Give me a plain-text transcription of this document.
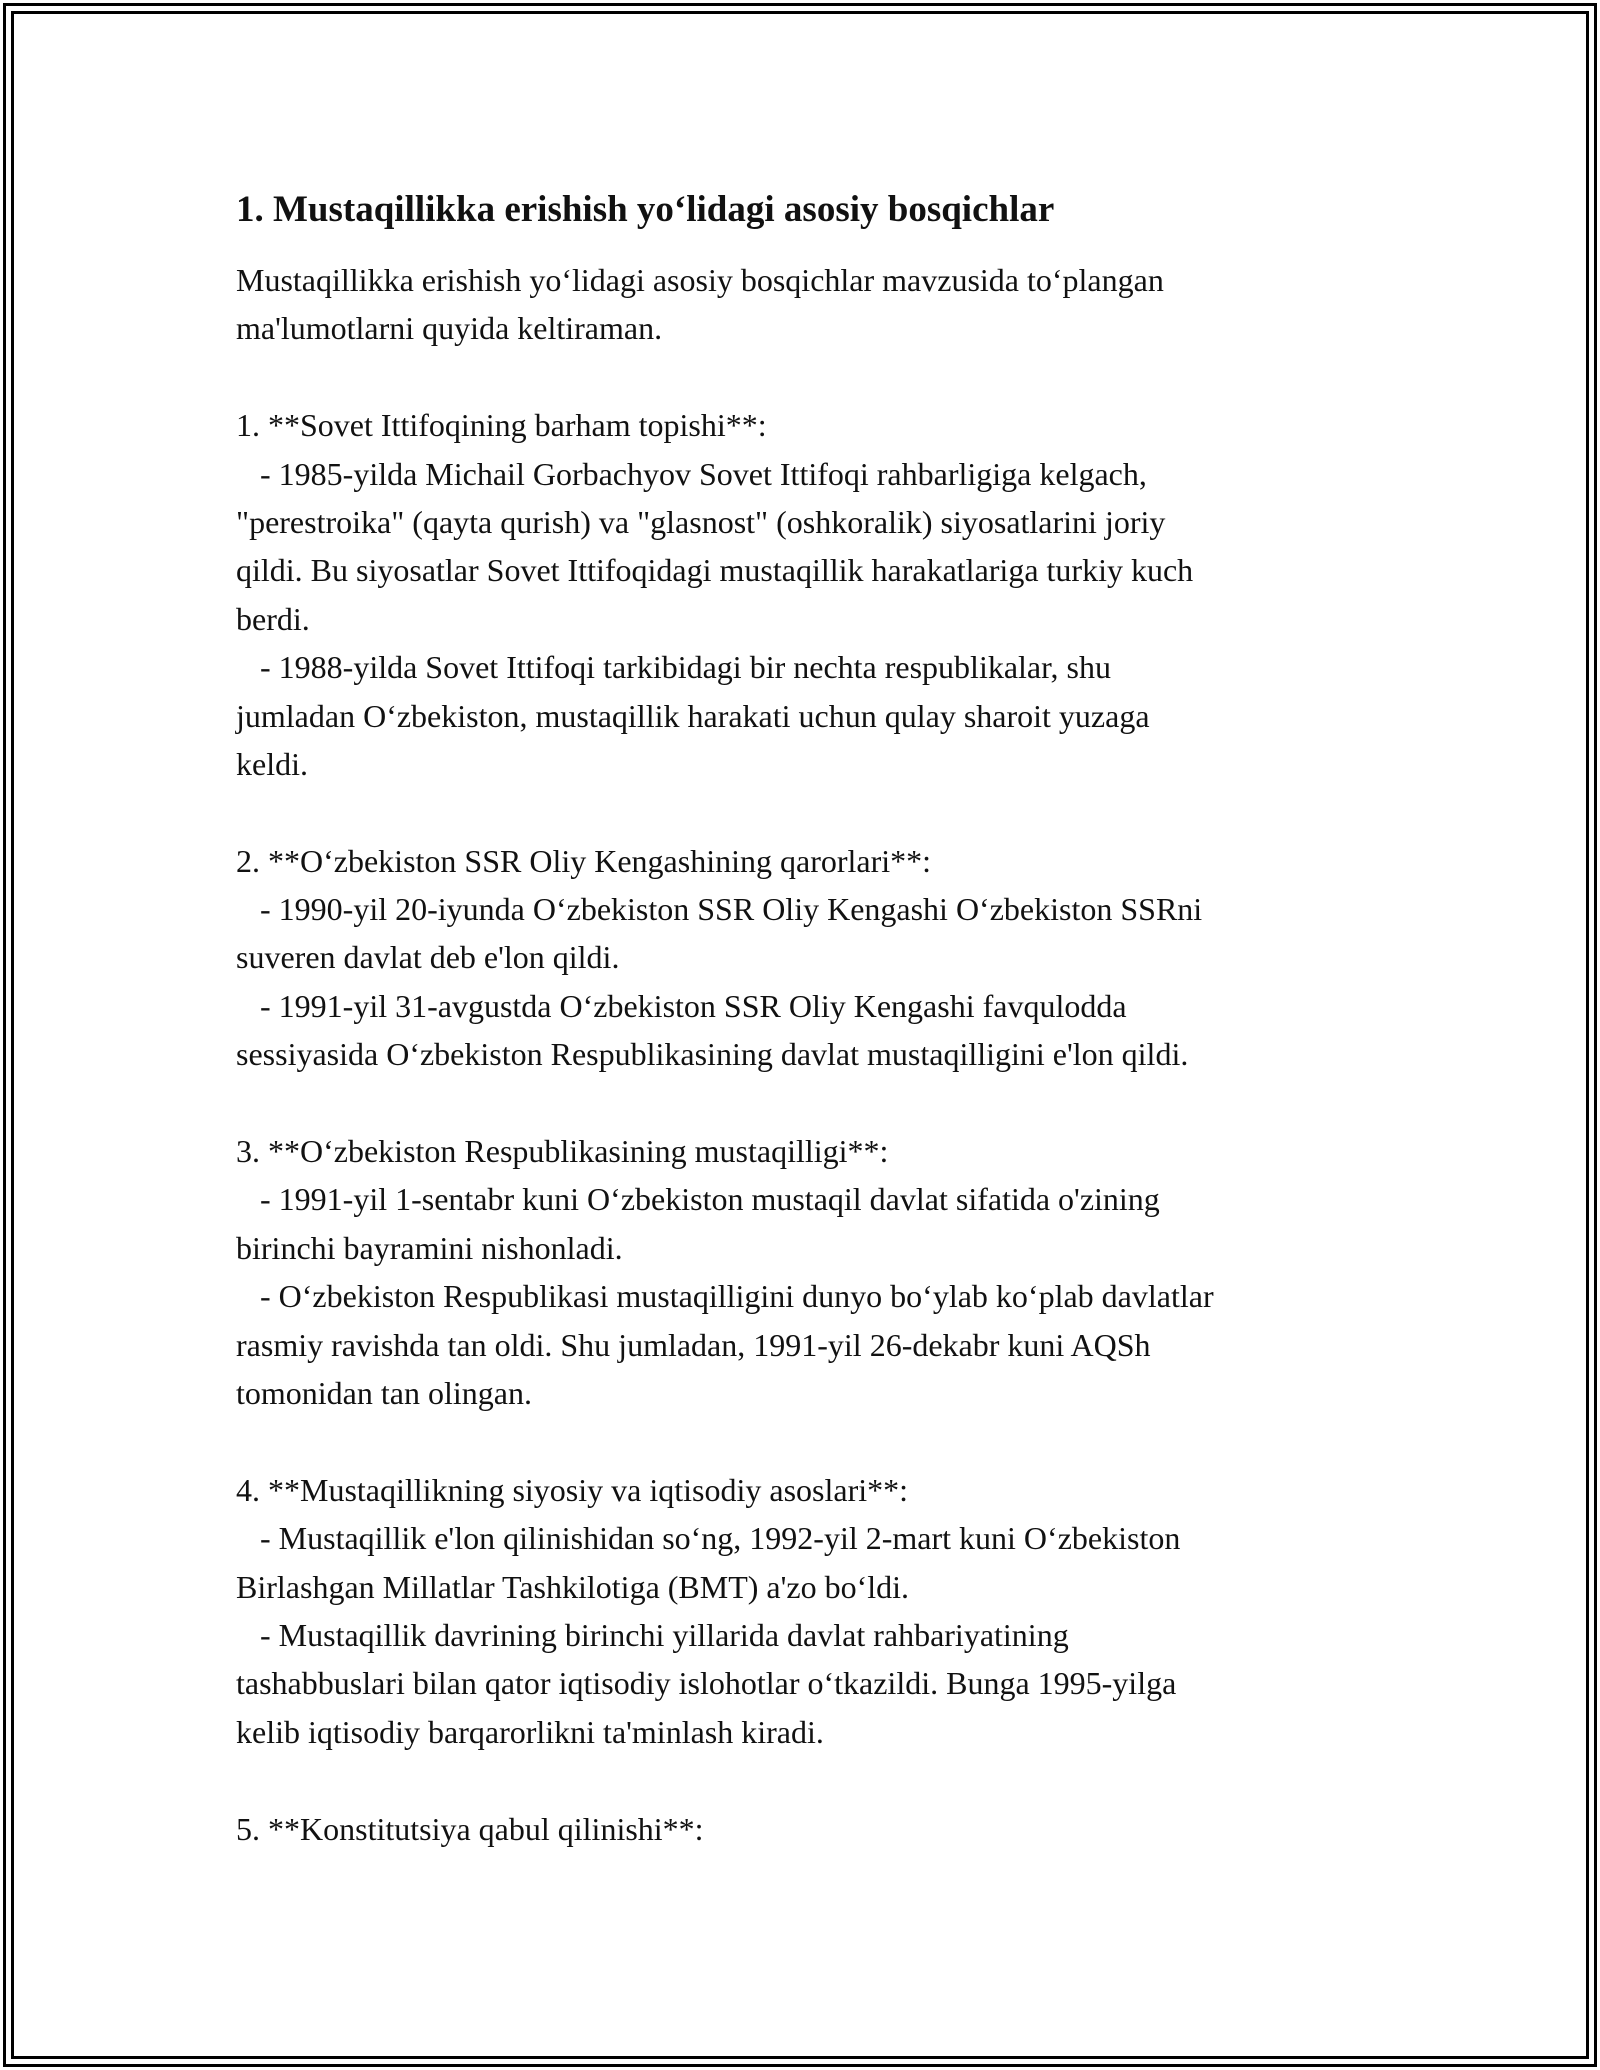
1. Mustaqillikka erishish yo‘lidagi asosiy bosqichlar
Mustaqillikka erishish yo‘lidagi asosiy bosqichlar mavzusida to‘plangan
ma'lumotlarni quyida keltiraman.
1. **Sovet Ittifoqining barham topishi**:
- 1985-yilda Michail Gorbachyov Sovet Ittifoqi rahbarligiga kelgach,
"perestroika" (qayta qurish) va "glasnost" (oshkoralik) siyosatlarini joriy
qildi. Bu siyosatlar Sovet Ittifoqidagi mustaqillik harakatlariga turkiy kuch
berdi.
- 1988-yilda Sovet Ittifoqi tarkibidagi bir nechta respublikalar, shu
jumladan O‘zbekiston, mustaqillik harakati uchun qulay sharoit yuzaga
keldi.
2. **O‘zbekiston SSR Oliy Kengashining qarorlari**:
- 1990-yil 20-iyunda O‘zbekiston SSR Oliy Kengashi O‘zbekiston SSRni
suveren davlat deb e'lon qildi.
- 1991-yil 31-avgustda O‘zbekiston SSR Oliy Kengashi favqulodda
sessiyasida O‘zbekiston Respublikasining davlat mustaqilligini e'lon qildi.
3. **O‘zbekiston Respublikasining mustaqilligi**:
- 1991-yil 1-sentabr kuni O‘zbekiston mustaqil davlat sifatida o'zining
birinchi bayramini nishonladi.
- O‘zbekiston Respublikasi mustaqilligini dunyo bo‘ylab ko‘plab davlatlar
rasmiy ravishda tan oldi. Shu jumladan, 1991-yil 26-dekabr kuni AQSh
tomonidan tan olingan.
4. **Mustaqillikning siyosiy va iqtisodiy asoslari**:
- Mustaqillik e'lon qilinishidan so‘ng, 1992-yil 2-mart kuni O‘zbekiston
Birlashgan Millatlar Tashkilotiga (BMT) a'zo bo‘ldi.
- Mustaqillik davrining birinchi yillarida davlat rahbariyatining
tashabbuslari bilan qator iqtisodiy islohotlar o‘tkazildi. Bunga 1995-yilga
kelib iqtisodiy barqarorlikni ta'minlash kiradi.
5. **Konstitutsiya qabul qilinishi**:
